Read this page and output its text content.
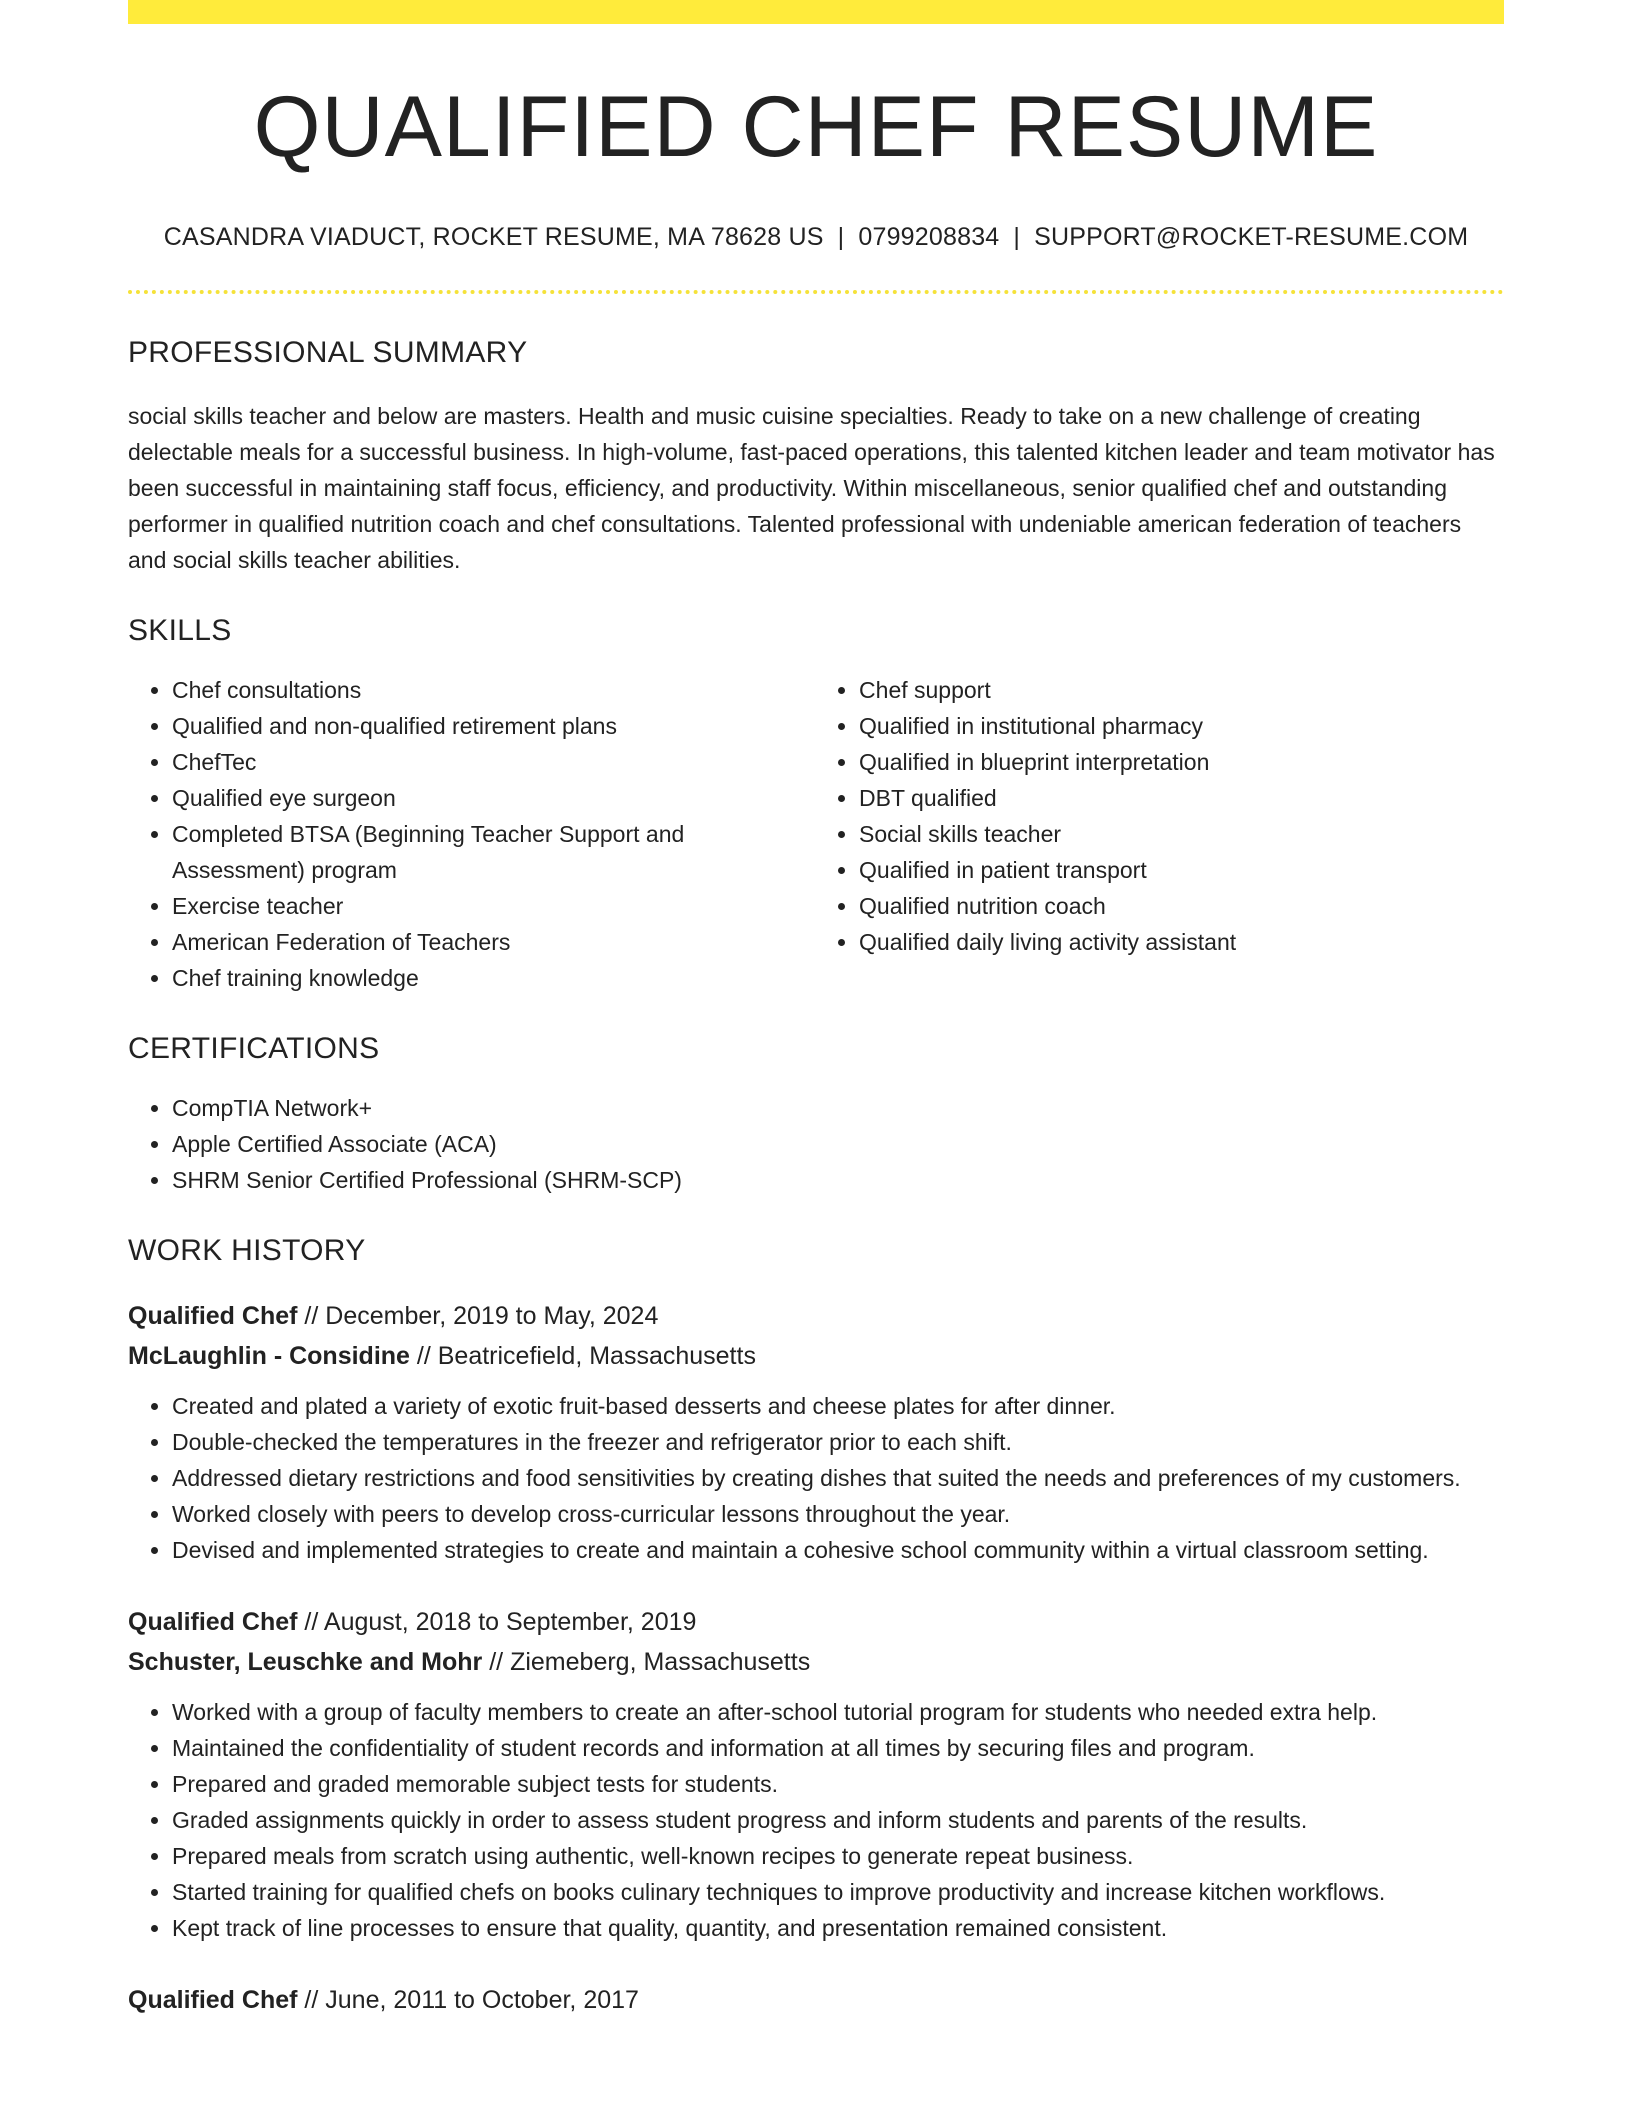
QUALIFIED CHEF RESUME
CASANDRA VIADUCT, ROCKET RESUME, MA 78628 US | 0799208834 | SUPPORT@ROCKET-RESUME.COM
PROFESSIONAL SUMMARY

social skills teacher and below are masters. Health and music cuisine specialties. Ready to take on a new challenge of creating delectable meals for a successful business. In high-volume, fast-paced operations, this talented kitchen leader and team motivator has been successful in maintaining staff focus, efficiency, and productivity. Within miscellaneous, senior qualified chef and outstanding performer in qualified nutrition coach and chef consultations. Talented professional with undeniable american federation of teachers and social skills teacher abilities.

SKILLS
• Chef consultations
• Qualified and non-qualified retirement plans
• ChefTec
• Qualified eye surgeon
• Completed BTSA (Beginning Teacher Support and Assessment) program
• Exercise teacher
• American Federation of Teachers
• Chef training knowledge
• Chef support
• Qualified in institutional pharmacy
• Qualified in blueprint interpretation
• DBT qualified
• Social skills teacher
• Qualified in patient transport
• Qualified nutrition coach
• Qualified daily living activity assistant
CERTIFICATIONS
• CompTIA Network+
• Apple Certified Associate (ACA)
• SHRM Senior Certified Professional (SHRM-SCP)
WORK HISTORY
Qualified Chef // December, 2019 to May, 2024
McLaughlin - Considine // Beatricefield, Massachusetts
• Created and plated a variety of exotic fruit-based desserts and cheese plates for after dinner.
• Double-checked the temperatures in the freezer and refrigerator prior to each shift.
• Addressed dietary restrictions and food sensitivities by creating dishes that suited the needs and preferences of my customers.
• Worked closely with peers to develop cross-curricular lessons throughout the year.
• Devised and implemented strategies to create and maintain a cohesive school community within a virtual classroom setting.
Qualified Chef // August, 2018 to September, 2019
Schuster, Leuschke and Mohr // Ziemeberg, Massachusetts
• Worked with a group of faculty members to create an after-school tutorial program for students who needed extra help.
• Maintained the confidentiality of student records and information at all times by securing files and program.
• Prepared and graded memorable subject tests for students.
• Graded assignments quickly in order to assess student progress and inform students and parents of the results.
• Prepared meals from scratch using authentic, well-known recipes to generate repeat business.
• Started training for qualified chefs on books culinary techniques to improve productivity and increase kitchen workflows.
• Kept track of line processes to ensure that quality, quantity, and presentation remained consistent.
Qualified Chef // June, 2011 to October, 2017
